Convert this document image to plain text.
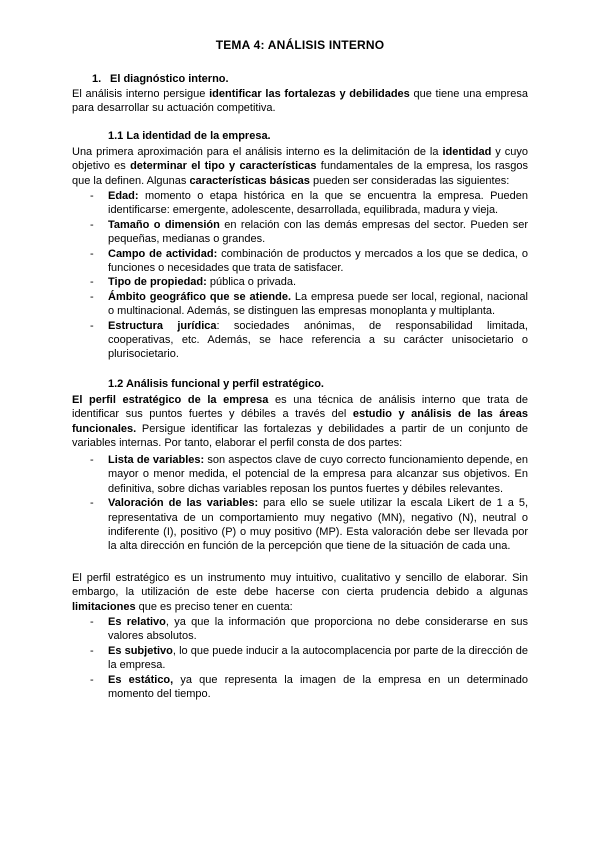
TEMA 4: ANÁLISIS INTERNO
1. El diagnóstico interno.

El análisis interno persigue identificar las fortalezas y debilidades que tiene una empresa para desarrollar su actuación competitiva.

1.1 La identidad de la empresa.

Una primera aproximación para el análisis interno es la delimitación de la identidad y cuyo objetivo es determinar el tipo y características fundamentales de la empresa, los rasgos que la definen. Algunas características básicas pueden ser consideradas las siguientes:

- Edad: momento o etapa histórica en la que se encuentra la empresa. Pueden identificarse: emergente, adolescente, desarrollada, equilibrada, madura y vieja.
- Tamaño o dimensión en relación con las demás empresas del sector. Pueden ser pequeñas, medianas o grandes.
- Campo de actividad: combinación de productos y mercados a los que se dedica, o funciones o necesidades que trata de satisfacer.
- Tipo de propiedad: pública o privada.
- Ámbito geográfico que se atiende. La empresa puede ser local, regional, nacional o multinacional. Además, se distinguen las empresas monoplanta y multiplanta.
- Estructura jurídica: sociedades anónimas, de responsabilidad limitada, cooperativas, etc. Además, se hace referencia a su carácter unisocietario o plurisocietario.
1.2 Análisis funcional y perfil estratégico.

El perfil estratégico de la empresa es una técnica de análisis interno que trata de identificar sus puntos fuertes y débiles a través del estudio y análisis de las áreas funcionales. Persigue identificar las fortalezas y debilidades a partir de un conjunto de variables internas. Por tanto, elaborar el perfil consta de dos partes:

- Lista de variables: son aspectos clave de cuyo correcto funcionamiento depende, en mayor o menor medida, el potencial de la empresa para alcanzar sus objetivos. En definitiva, sobre dichas variables reposan los puntos fuertes y débiles relevantes.
- Valoración de las variables: para ello se suele utilizar la escala Likert de 1 a 5, representativa de un comportamiento muy negativo (MN), negativo (N), neutral o indiferente (I), positivo (P) o muy positivo (MP). Esta valoración debe ser llevada por la alta dirección en función de la percepción que tiene de la situación de cada una.

El perfil estratégico es un instrumento muy intuitivo, cualitativo y sencillo de elaborar. Sin embargo, la utilización de este debe hacerse con cierta prudencia debido a algunas limitaciones que es preciso tener en cuenta:

- Es relativo, ya que la información que proporciona no debe considerarse en sus valores absolutos.
- Es subjetivo, lo que puede inducir a la autocomplacencia por parte de la dirección de la empresa.
- Es estático, ya que representa la imagen de la empresa en un determinado momento del tiempo.
